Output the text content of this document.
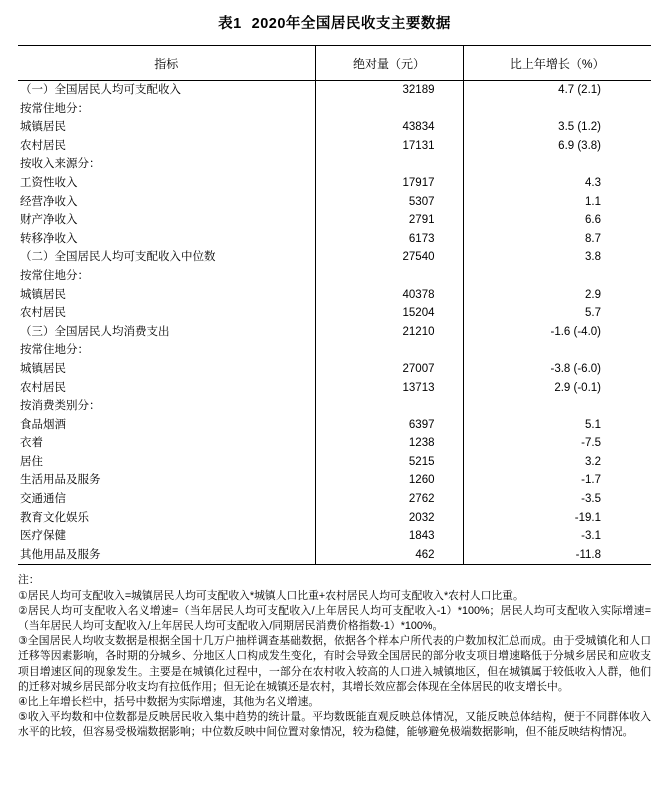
表1 2020年全国居民收支主要数据
指标	绝对量（元）	比上年增长（%）
（一）全国居民人均可支配收入	32189	4.7 (2.1)
按常住地分：		
城镇居民	43834	3.5 (1.2)
农村居民	17131	6.9 (3.8)
按收入来源分：		
工资性收入	17917	4.3
经营净收入	5307	1.1
财产净收入	2791	6.6
转移净收入	6173	8.7
（二）全国居民人均可支配收入中位数	27540	3.8
按常住地分：		
城镇居民	40378	2.9
农村居民	15204	5.7
（三）全国居民人均消费支出	21210	-1.6 (-4.0)
按常住地分：		
城镇居民	27007	-3.8 (-6.0)
农村居民	13713	2.9 (-0.1)
按消费类别分：		
食品烟酒	6397	5.1
衣着	1238	-7.5
居住	5215	3.2
生活用品及服务	1260	-1.7
交通通信	2762	-3.5
教育文化娱乐	2032	-19.1
医疗保健	1843	-3.1
其他用品及服务	462	-11.8

注：

①居民人均可支配收入=城镇居民人均可支配收入*城镇人口比重+农村居民人均可支配收入*农村人口比重。

②居民人均可支配收入名义增速=（当年居民人均可支配收入/上年居民人均可支配收入-1）*100%；居民人均可支配收入实际增速=（当年居民人均可支配收入/上年居民人均可支配收入/同期居民消费价格指数-1）*100%。

③全国居民人均收支数据是根据全国十几万户抽样调查基础数据，依据各个样本户所代表的户数加权汇总而成。由于受城镇化和人口迁移等因素影响，各时期的分城乡、分地区人口构成发生变化，有时会导致全国居民的部分收支项目增速略低于分城乡居民和应收支项目增速区间的现象发生。主要是在城镇化过程中，一部分在农村收入较高的人口进入城镇地区，但在城镇属于较低收入人群，他们的迁移对城乡居民部分收支均有拉低作用；但无论在城镇还是农村，其增长效应都会体现在全体居民的收支增长中。

④比上年增长栏中，括号中数据为实际增速，其他为名义增速。

⑤收入平均数和中位数都是反映居民收入集中趋势的统计量。平均数既能直观反映总体情况，又能反映总体结构，便于不同群体收入水平的比较，但容易受极端数据影响；中位数反映中间位置对象情况，较为稳健，能够避免极端数据影响，但不能反映结构情况。
